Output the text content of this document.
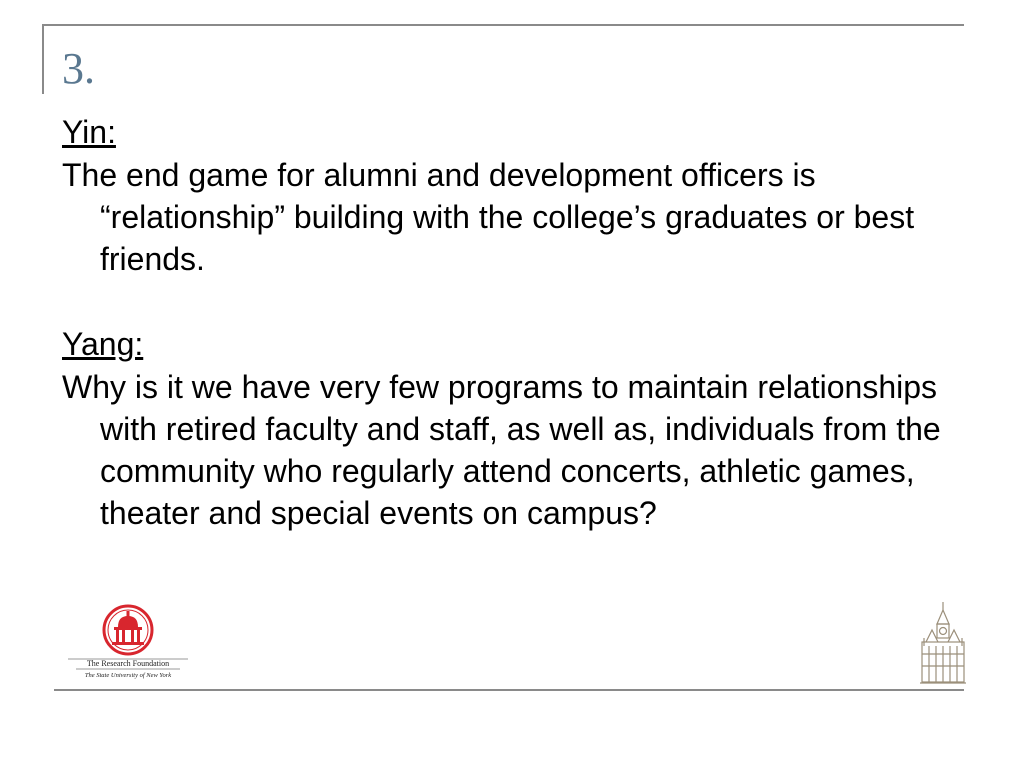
3.

Yin:

The end game for alumni and development officers is “relationship” building with the college’s graduates or best friends.

Yang:

Why is it we have very few programs to maintain relationships with retired faculty and staff, as well as, individuals from the community who regularly attend concerts, athletic games, theater and special events on campus?

The Research Foundation
The State University of New York
